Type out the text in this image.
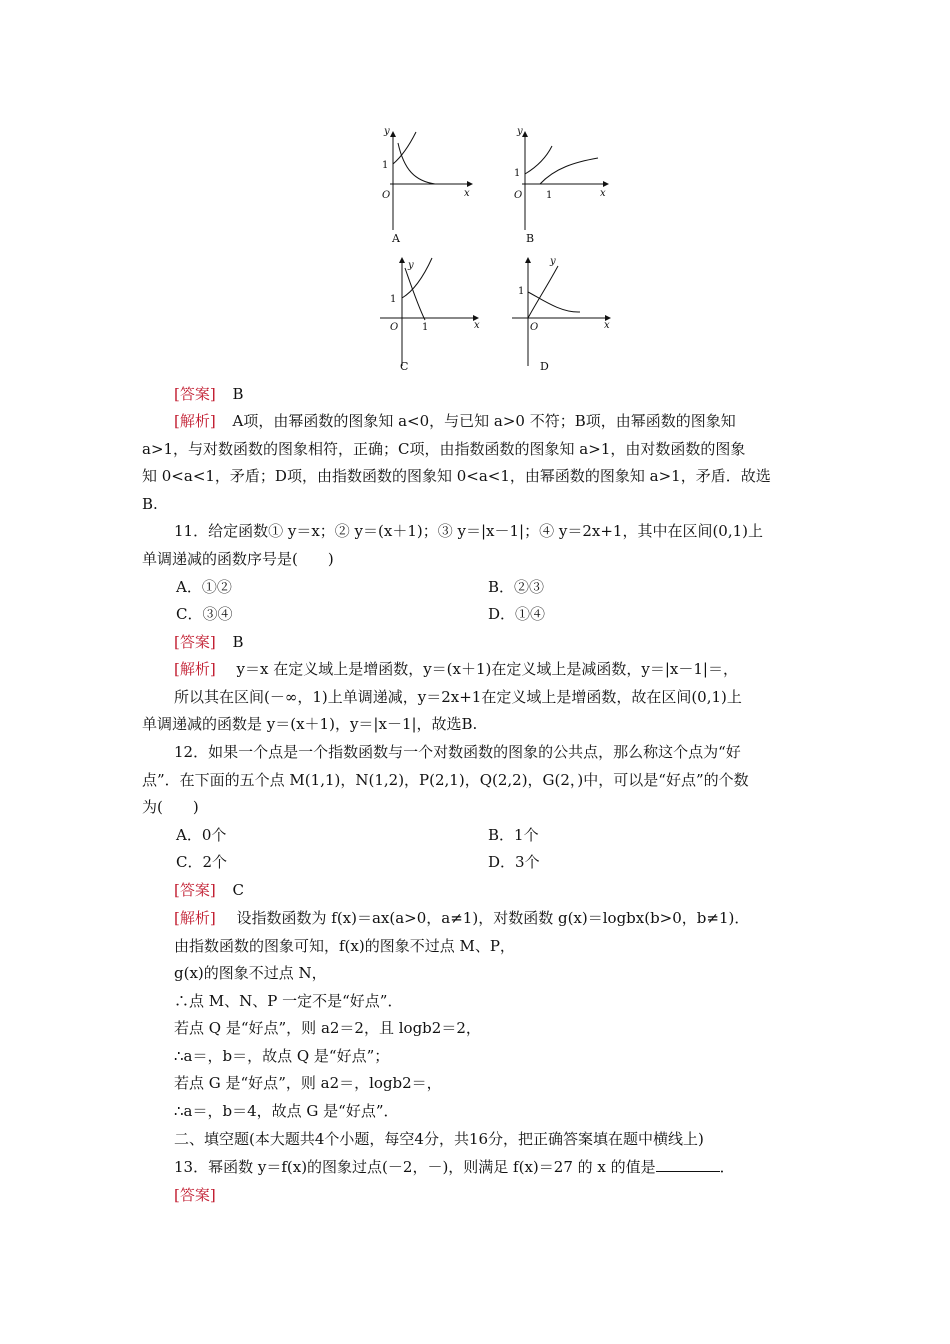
y
x
1
O
A
y
x
1
O 1
B
y
x
1
O 1
C
y
x
1
O
D
[答案] B
[解析] A项，由幂函数的图象知 a<0，与已知 a>0 不符；B项，由幂函数的图象知
a>1，与对数函数的图象相符，正确；C项，由指数函数的图象知 a>1，由对数函数的图象
知 0<a<1，矛盾；D项，由指数函数的图象知 0<a<1，由幂函数的图象知 a>1，矛盾．故选
B.
11．给定函数① y＝x；② y＝(x＋1)；③ y＝|x－1|；④ y＝2x+1，其中在区间(0,1)上
单调递减的函数序号是(　　)
A．①②	B．②③
C．③④	D．①④
[答案] B
[解析] y＝x 在定义域上是增函数，y＝(x＋1)在定义域上是减函数，y＝|x－1|＝，
所以其在区间(－∞，1)上单调递减，y＝2x+1在定义域上是增函数，故在区间(0,1)上
单调递减的函数是 y＝(x＋1)，y＝|x－1|，故选B.
12．如果一个点是一个指数函数与一个对数函数的图象的公共点，那么称这个点为“好
点”．在下面的五个点 M(1,1)，N(1,2)，P(2,1)，Q(2,2)，G(2，)中，可以是“好点”的个数
为(　　)
A．0个	B．1个
C．2个	D．3个
[答案] C
[解析] 设指数函数为 f(x)＝ax(a>0，a≠1)，对数函数 g(x)＝logbx(b>0，b≠1)．
由指数函数的图象可知，f(x)的图象不过点 M、P，
g(x)的图象不过点 N，
∴点 M、N、P 一定不是“好点”．
若点 Q 是“好点”，则 a2＝2，且 logb2＝2，
∴a＝，b＝，故点 Q 是“好点”；
若点 G 是“好点”，则 a2＝，logb2＝，
∴a＝，b＝4，故点 G 是“好点”．
二、填空题(本大题共4个小题，每空4分，共16分，把正确答案填在题中横线上)
13．幂函数 y＝f(x)的图象过点(－2，－)，则满足 f(x)＝27 的 x 的值是	．
[答案]
